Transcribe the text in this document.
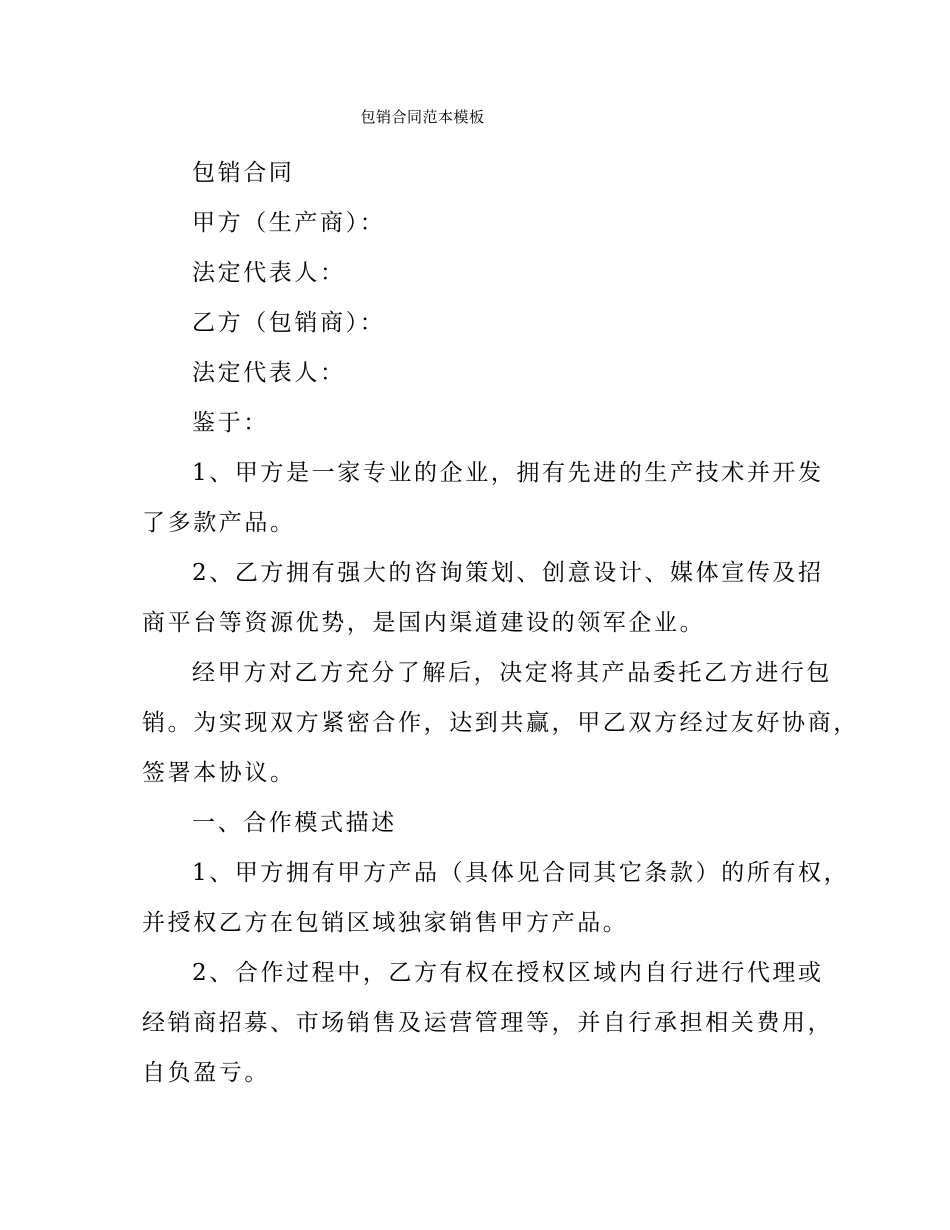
包销合同范本模板
包销合同
甲方（生产商）：
法定代表人：
乙方（包销商）：
法定代表人：
鉴于：
1、甲方是一家专业的企业，拥有先进的生产技术并开发
了多款产品。
2、乙方拥有强大的咨询策划、创意设计、媒体宣传及招
商平台等资源优势，是国内渠道建设的领军企业。
经甲方对乙方充分了解后，决定将其产品委托乙方进行包
销。为实现双方紧密合作，达到共赢，甲乙双方经过友好协商，
签署本协议。
一、合作模式描述
1、甲方拥有甲方产品（具体见合同其它条款）的所有权，
并授权乙方在包销区域独家销售甲方产品。
2、合作过程中，乙方有权在授权区域内自行进行代理或
经销商招募、市场销售及运营管理等，并自行承担相关费用，
自负盈亏。
